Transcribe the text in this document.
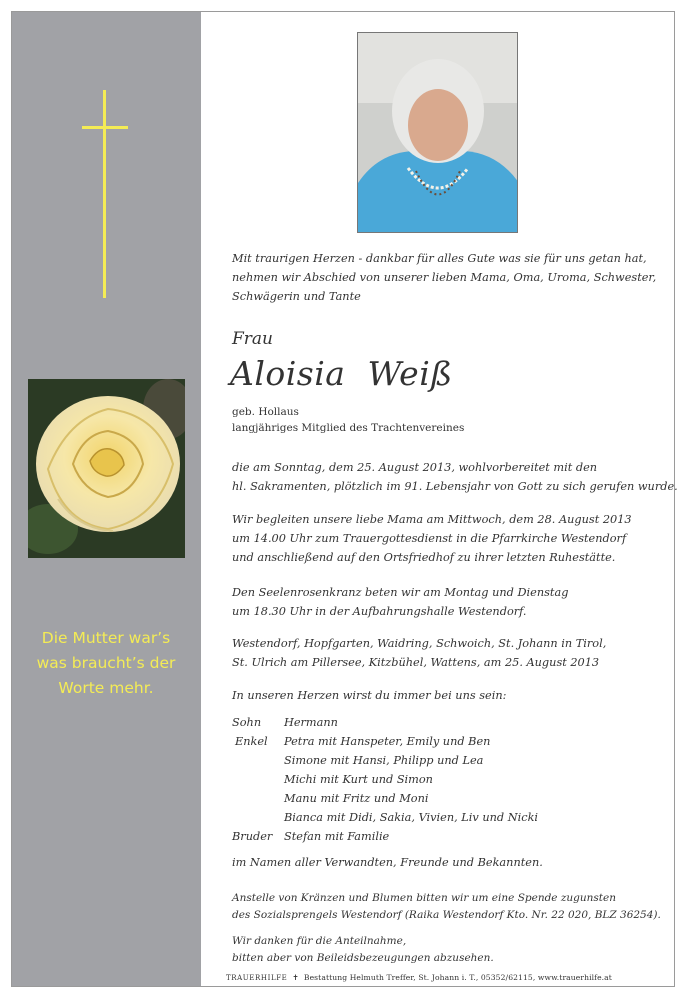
Die Mutter war’s
was braucht’s der
Worte mehr.
Mit traurigen Herzen - dankbar für alles Gute was sie für uns getan hat,
nehmen wir Abschied von unserer lieben Mama, Oma, Uroma, Schwester,
Schwägerin und Tante
Frau
Aloisia  Weiß
geb. Hollaus
langjähriges Mitglied des Trachtenvereines
die am Sonntag, dem 25. August 2013, wohlvorbereitet mit den
hl. Sakramenten, plötzlich im 91. Lebensjahr von Gott zu sich gerufen wurde.
Wir begleiten unsere liebe Mama am Mittwoch, dem 28. August 2013
um 14.00 Uhr zum Trauergottesdienst in die Pfarrkirche Westendorf
und anschließend auf den Ortsfriedhof zu ihrer letzten Ruhestätte.
Den Seelenrosenkranz beten wir am Montag und Dienstag
um 18.30 Uhr in der Aufbahrungshalle Westendorf.
Westendorf, Hopfgarten, Waidring, Schwoich, St. Johann in Tirol,
St. Ulrich am Pillersee, Kitzbühel, Wattens, am 25. August 2013
In unseren Herzen wirst du immer bei uns sein:
Sohn Hermann
Enkel Petra mit Hanspeter, Emily und Ben
Simone mit Hansi, Philipp und Lea
Michi mit Kurt und Simon
Manu mit Fritz und Moni
Bianca mit Didi, Sakia, Vivien, Liv und Nicki
Bruder Stefan mit Familie
im Namen aller Verwandten, Freunde und Bekannten.
Anstelle von Kränzen und Blumen bitten wir um eine Spende zugunsten
des Sozialsprengels Westendorf (Raika Westendorf Kto. Nr. 22 020, BLZ 36254).
Wir danken für die Anteilnahme,
bitten aber von Beileidsbezeugungen abzusehen.
TRAUERHILFE  ✝  Bestattung Helmuth Treffer, St. Johann i. T., 05352/62115, www.trauerhilfe.at
